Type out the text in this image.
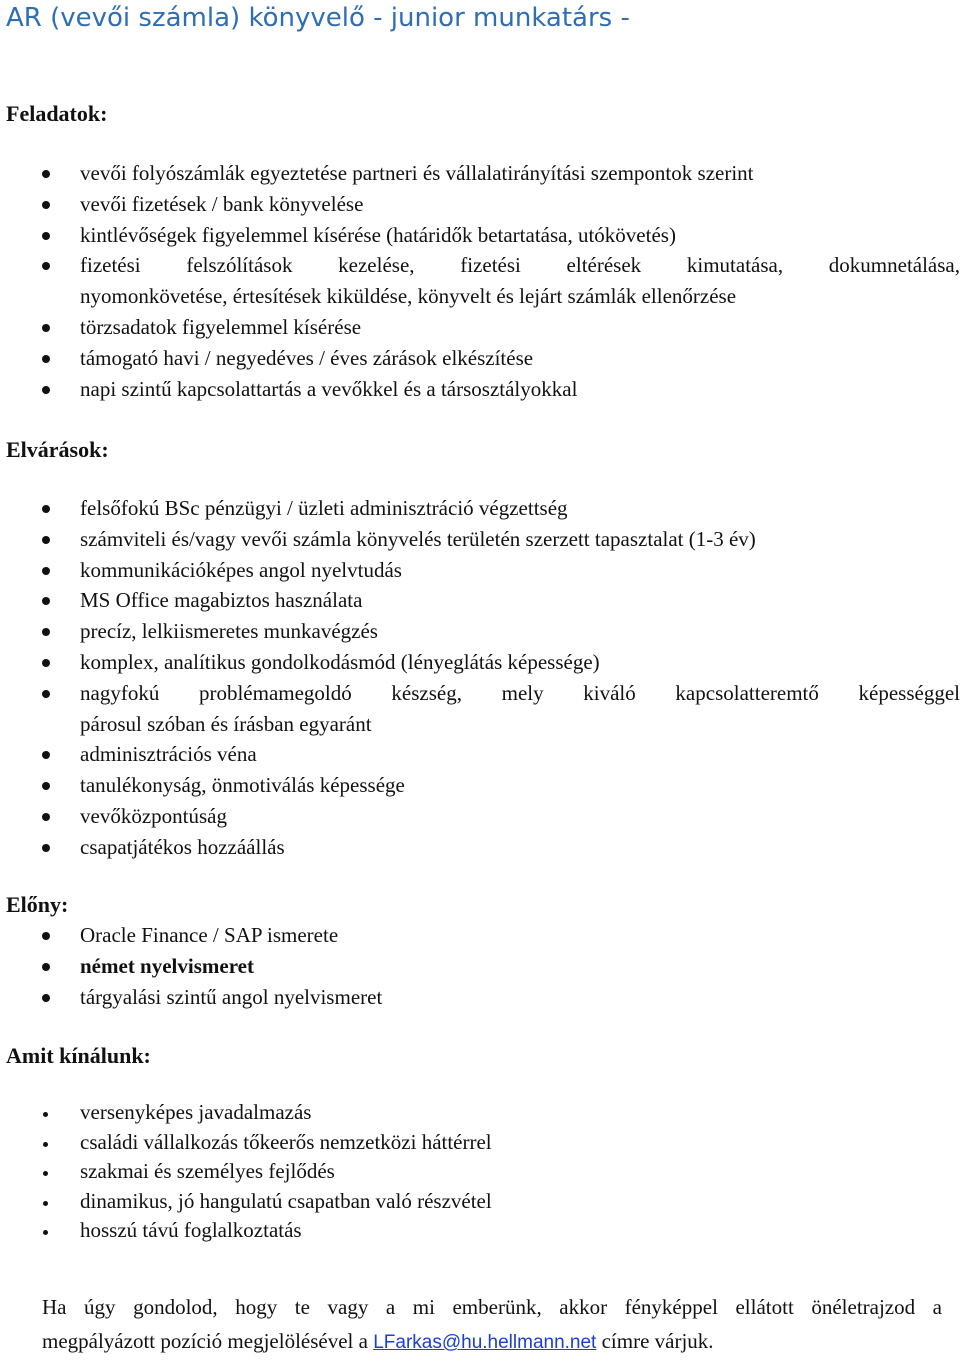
AR (vevői számla) könyvelő - junior munkatárs -
Feladatok:
vevői folyószámlák egyeztetése partneri és vállalatirányítási szempontok szerint
vevői fizetések / bank könyvelése
kintlévőségek figyelemmel kísérése (határidők betartatása, utókövetés)
fizetési felszólítások kezelése, fizetési eltérések kimutatása, dokumnetálása,
nyomonkövetése, értesítések kiküldése, könyvelt és lejárt számlák ellenőrzése
törzsadatok figyelemmel kísérése
támogató havi / negyedéves / éves zárások elkészítése
napi szintű kapcsolattartás a vevőkkel és a társosztályokkal
Elvárások:
felsőfokú BSc pénzügyi / üzleti adminisztráció végzettség
számviteli és/vagy vevői számla könyvelés területén szerzett tapasztalat (1-3 év)
kommunikációképes angol nyelvtudás
MS Office magabiztos használata
precíz, lelkiismeretes munkavégzés
komplex, analítikus gondolkodásmód (lényeglátás képessége)
nagyfokú problémamegoldó készség, mely kiváló kapcsolatteremtő képességgel
párosul szóban és írásban egyaránt
adminisztrációs véna
tanulékonyság, önmotiválás képessége
vevőközpontúság
csapatjátékos hozzáállás
Előny:
Oracle Finance / SAP ismerete
német nyelvismeret
tárgyalási szintű angol nyelvismeret
Amit kínálunk:
versenyképes javadalmazás
családi vállalkozás tőkeerős nemzetközi háttérrel
szakmai és személyes fejlődés
dinamikus, jó hangulatú csapatban való részvétel
hosszú távú foglalkoztatás

Ha úgy gondolod, hogy te vagy a mi emberünk, akkor fényképpel ellátott önéletrajzod a
megpályázott pozíció megjelölésével a LFarkas@hu.hellmann.net címre várjuk.
